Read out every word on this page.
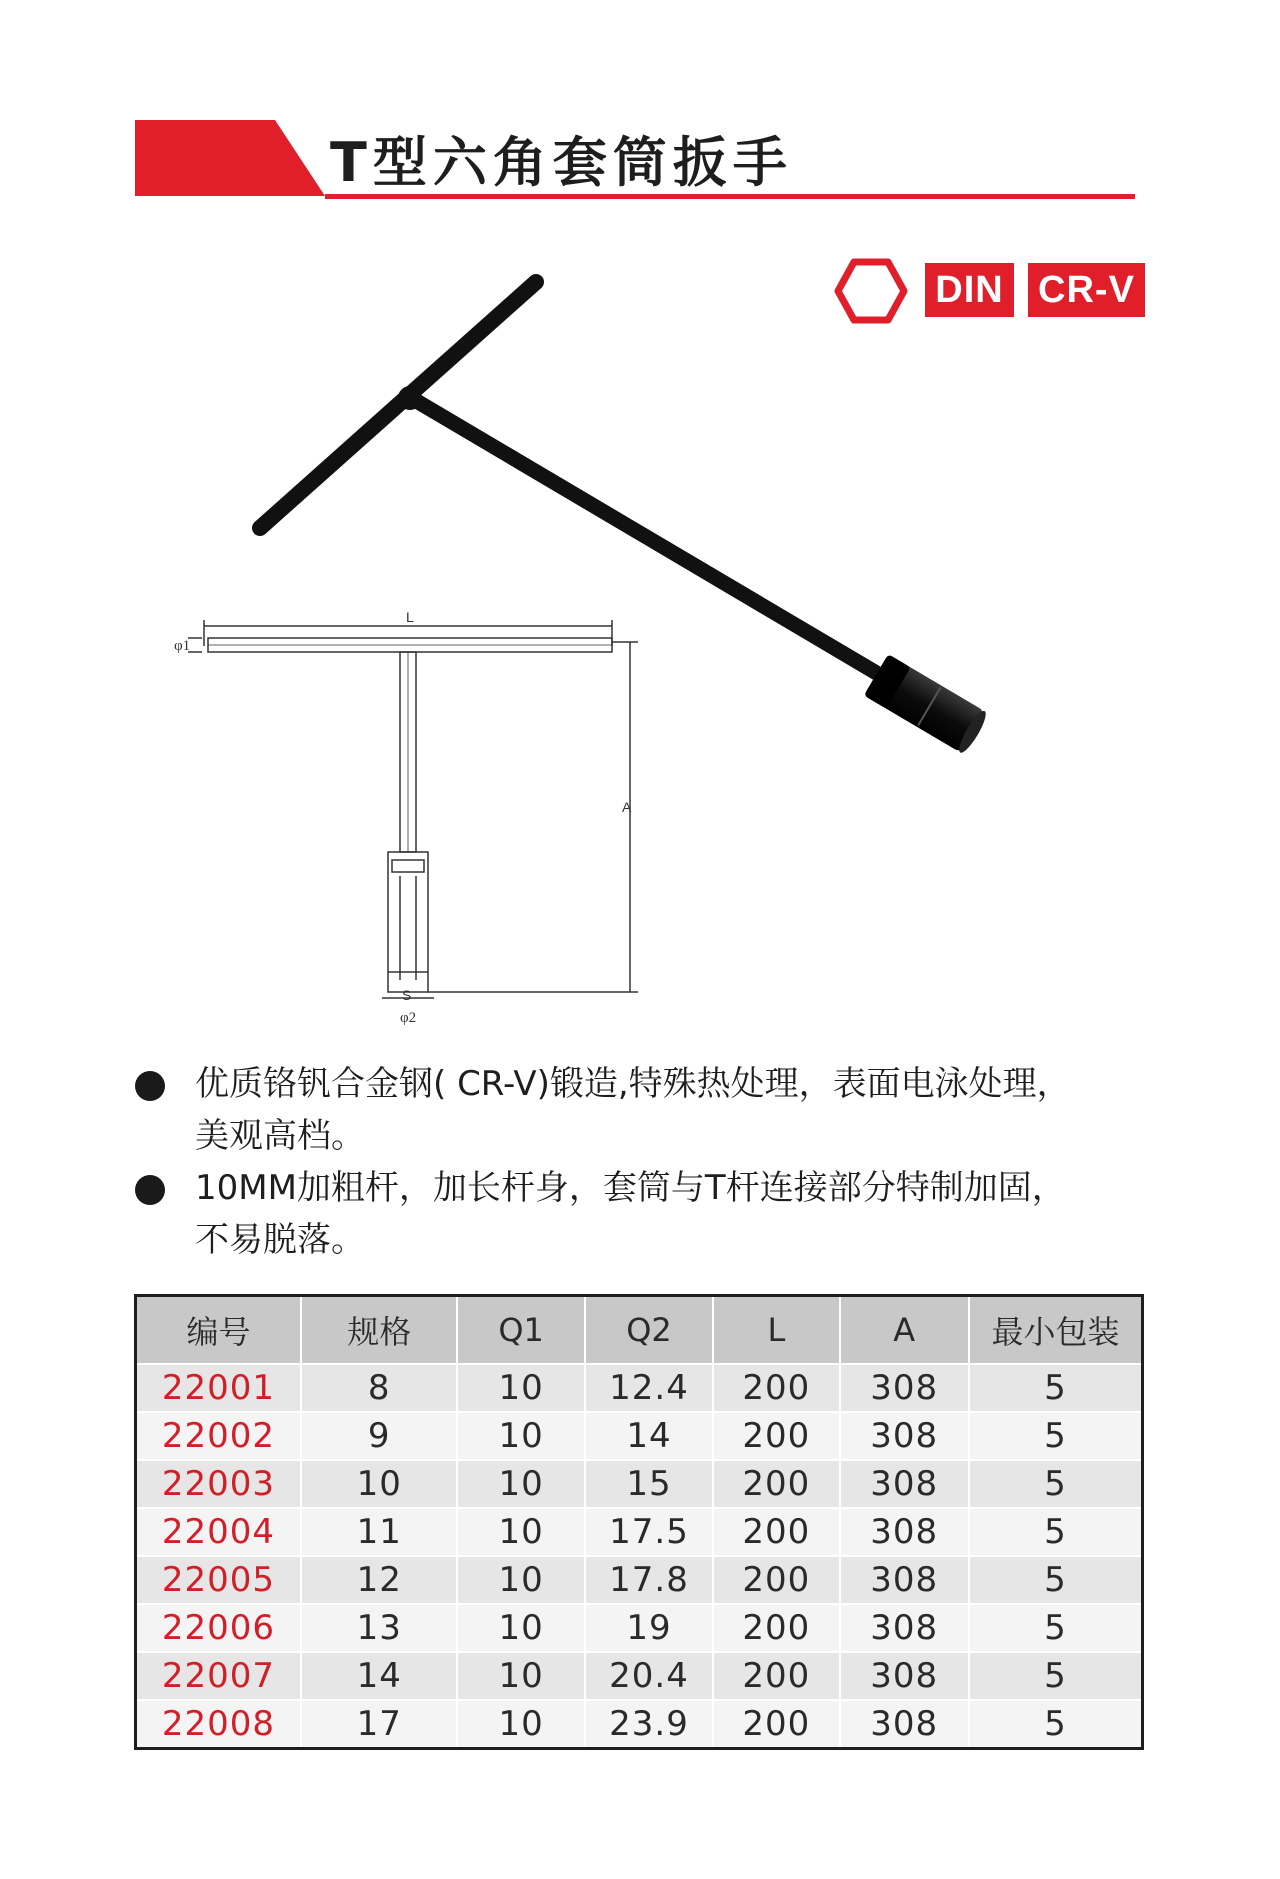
T型六角套筒扳手
DIN CR-V
L
φ1
S
φ2
A
优质铬钒合金钢( CR-V)锻造,特殊热处理，表面电泳处理，
美观高档。
10MM加粗杆，加长杆身，套筒与T杆连接部分特制加固，
不易脱落。
编号	规格	Q1	Q2	L	A	最小包装
22001	8	10	12.4	200	308	5
22002	9	10	14	200	308	5
22003	10	10	15	200	308	5
22004	11	10	17.5	200	308	5
22005	12	10	17.8	200	308	5
22006	13	10	19	200	308	5
22007	14	10	20.4	200	308	5
22008	17	10	23.9	200	308	5
